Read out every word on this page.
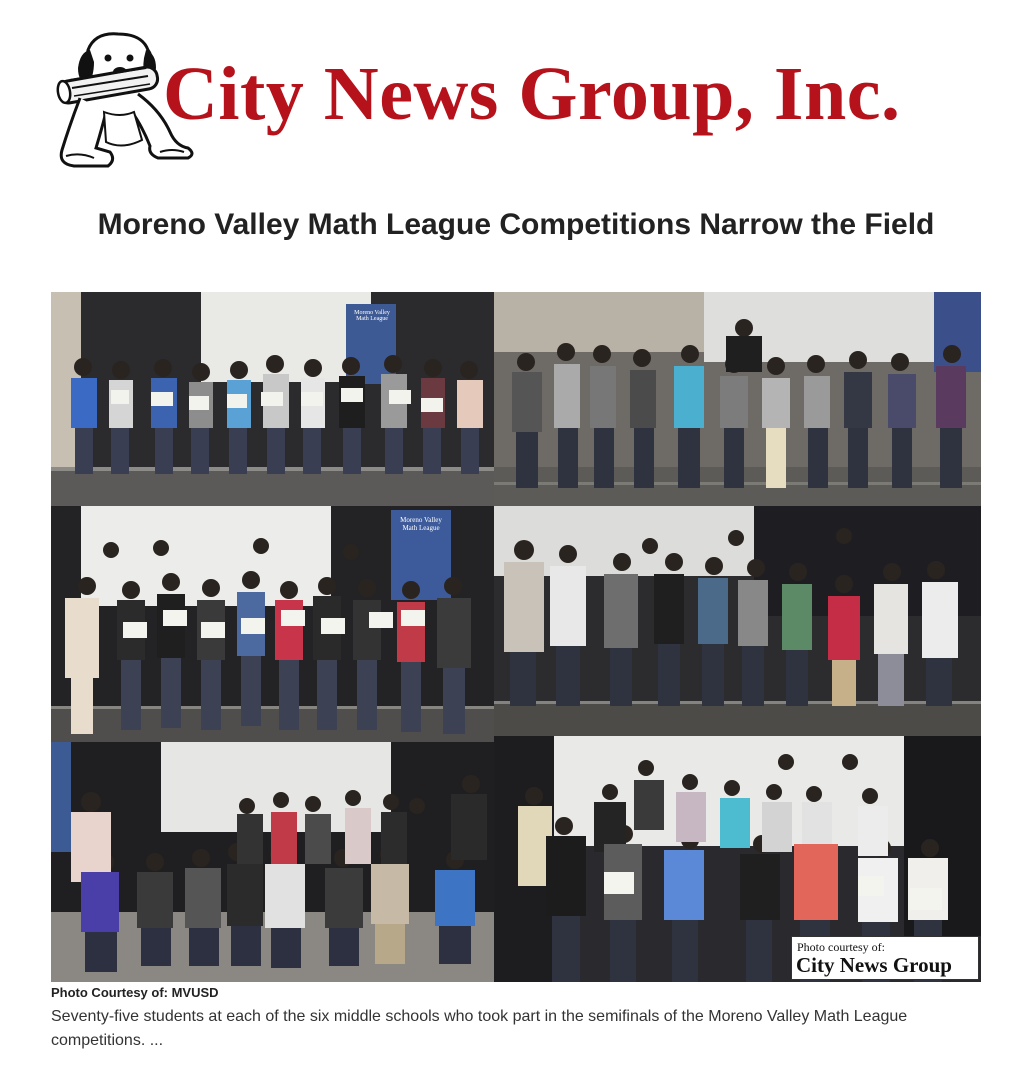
City News Group, Inc.
Moreno Valley Math League Competitions Narrow the Field
Moreno Valley Math League
Moreno Valley Math League
Photo courtesy of:
City News Group
Photo Courtesy of: MVUSD

Seventy-five students at each of the six middle schools who took part in the semifinals of the Moreno Valley Math League competitions. ...
